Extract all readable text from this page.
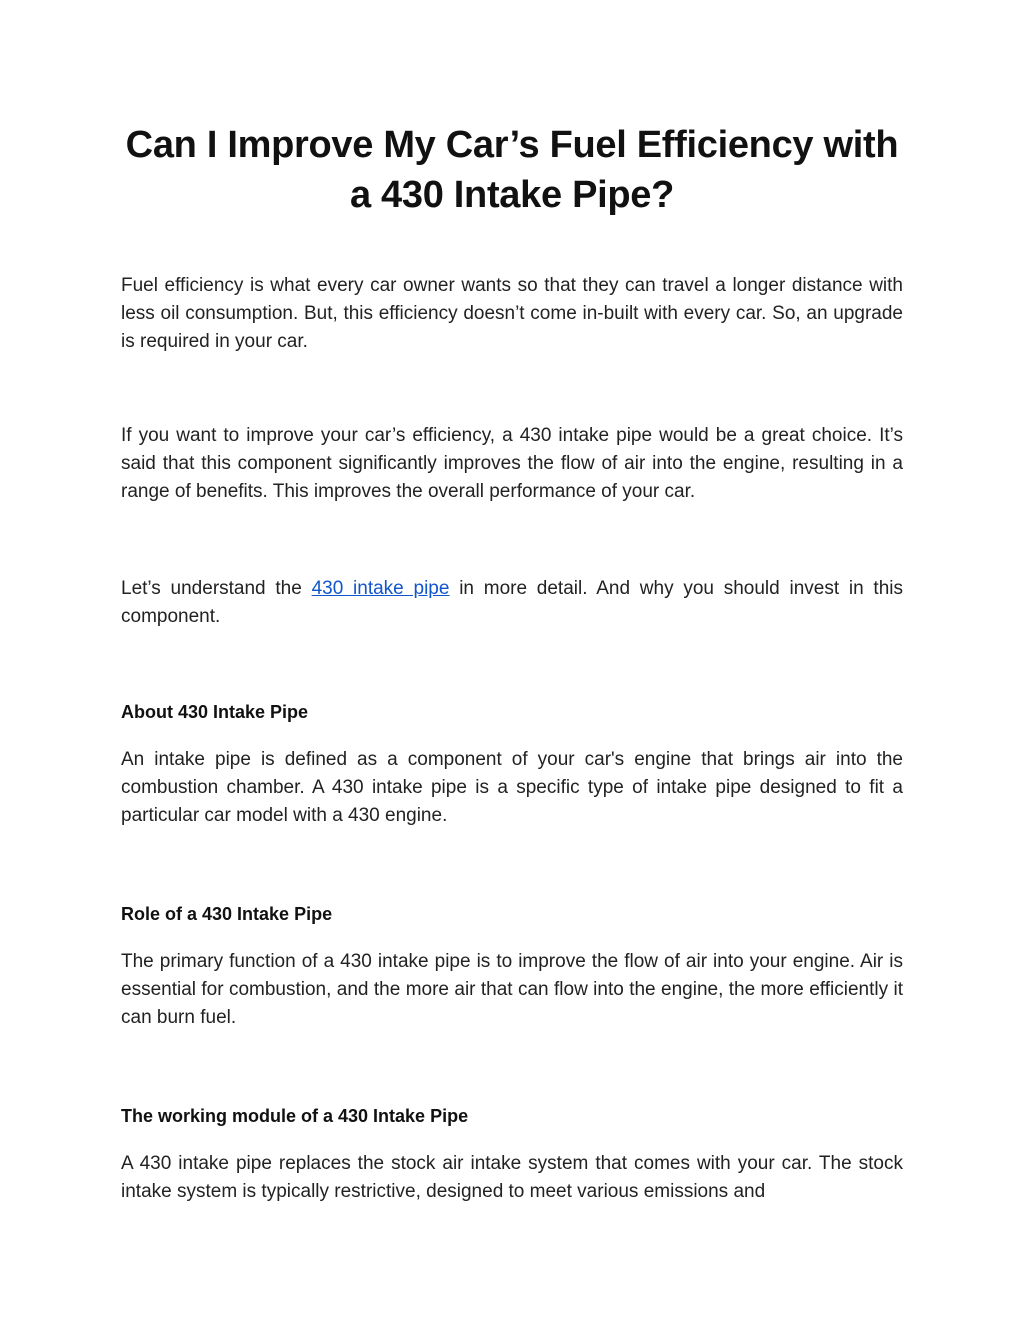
Can I Improve My Car’s Fuel Efficiency with
a 430 Intake Pipe?

Fuel efficiency is what every car owner wants so that they can travel a longer distance with less oil consumption. But, this efficiency doesn’t come in-built with every car. So, an upgrade is required in your car.

If you want to improve your car’s efficiency, a 430 intake pipe would be a great choice. It’s said that this component significantly improves the flow of air into the engine, resulting in a range of benefits. This improves the overall performance of your car.

Let’s understand the 430 intake pipe in more detail. And why you should invest in this component.

About 430 Intake Pipe

An intake pipe is defined as a component of your car's engine that brings air into the combustion chamber. A 430 intake pipe is a specific type of intake pipe designed to fit a particular car model with a 430 engine.

Role of a 430 Intake Pipe

The primary function of a 430 intake pipe is to improve the flow of air into your engine. Air is essential for combustion, and the more air that can flow into the engine, the more efficiently it can burn fuel.

The working module of a 430 Intake Pipe

A 430 intake pipe replaces the stock air intake system that comes with your car. The stock intake system is typically restrictive, designed to meet various emissions and
